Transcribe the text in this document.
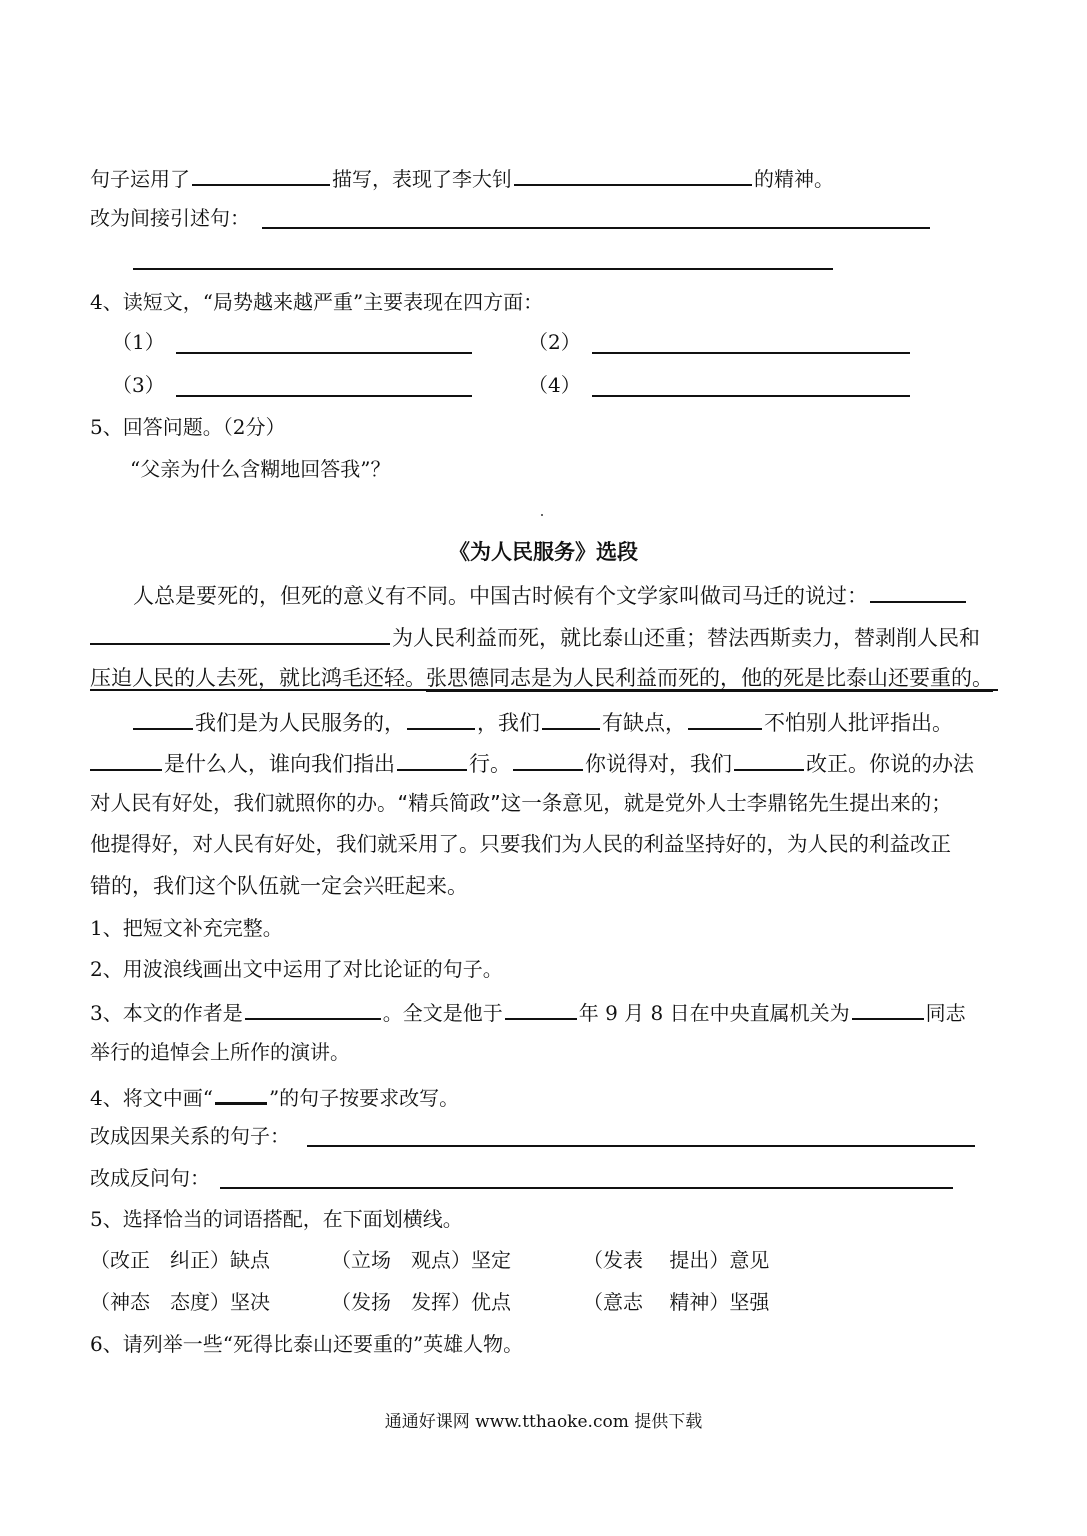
句子运用了	描写，表现了李大钊	的精神。
改为间接引述句：
4、读短文，“局势越来越严重”主要表现在四方面：
（1）	（2）
（3）	（4）
5、回答问题。（2分）
“父亲为什么含糊地回答我”？
《为人民服务》选段
人总是要死的，但死的意义有不同。中国古时候有个文学家叫做司马迁的说过：
为人民利益而死，就比泰山还重；替法西斯卖力，替剥削人民和
压迫人民的人去死，就比鸿毛还轻。张思德同志是为人民利益而死的，他的死是比泰山还要重的。
我们是为人民服务的，	，我们	有缺点，	不怕别人批评指出。
是什么人，谁向我们指出	行。	你说得对，我们	改正。你说的办法
对人民有好处，我们就照你的办。“精兵简政”这一条意见，就是党外人士李鼎铭先生提出来的；
他提得好，对人民有好处，我们就采用了。只要我们为人民的利益坚持好的，为人民的利益改正
错的，我们这个队伍就一定会兴旺起来。
1、把短文补充完整。
2、用波浪线画出文中运用了对比论证的句子。
3、本文的作者是	。全文是他于	年 9 月 8 日在中央直属机关为	同志
举行的追悼会上所作的演讲。
4、将文中画“	”的句子按要求改写。
改成因果关系的句子：
改成反问句：
5、选择恰当的词语搭配，在下面划横线。
（改正　纠正）缺点	（立场　观点）坚定	（发表　 提出）意见
（神态　态度）坚决	（发扬　发挥）优点	（意志　 精神）坚强
6、请列举一些“死得比泰山还要重的”英雄人物。
通通好课网 www.tthaoke.com 提供下载
